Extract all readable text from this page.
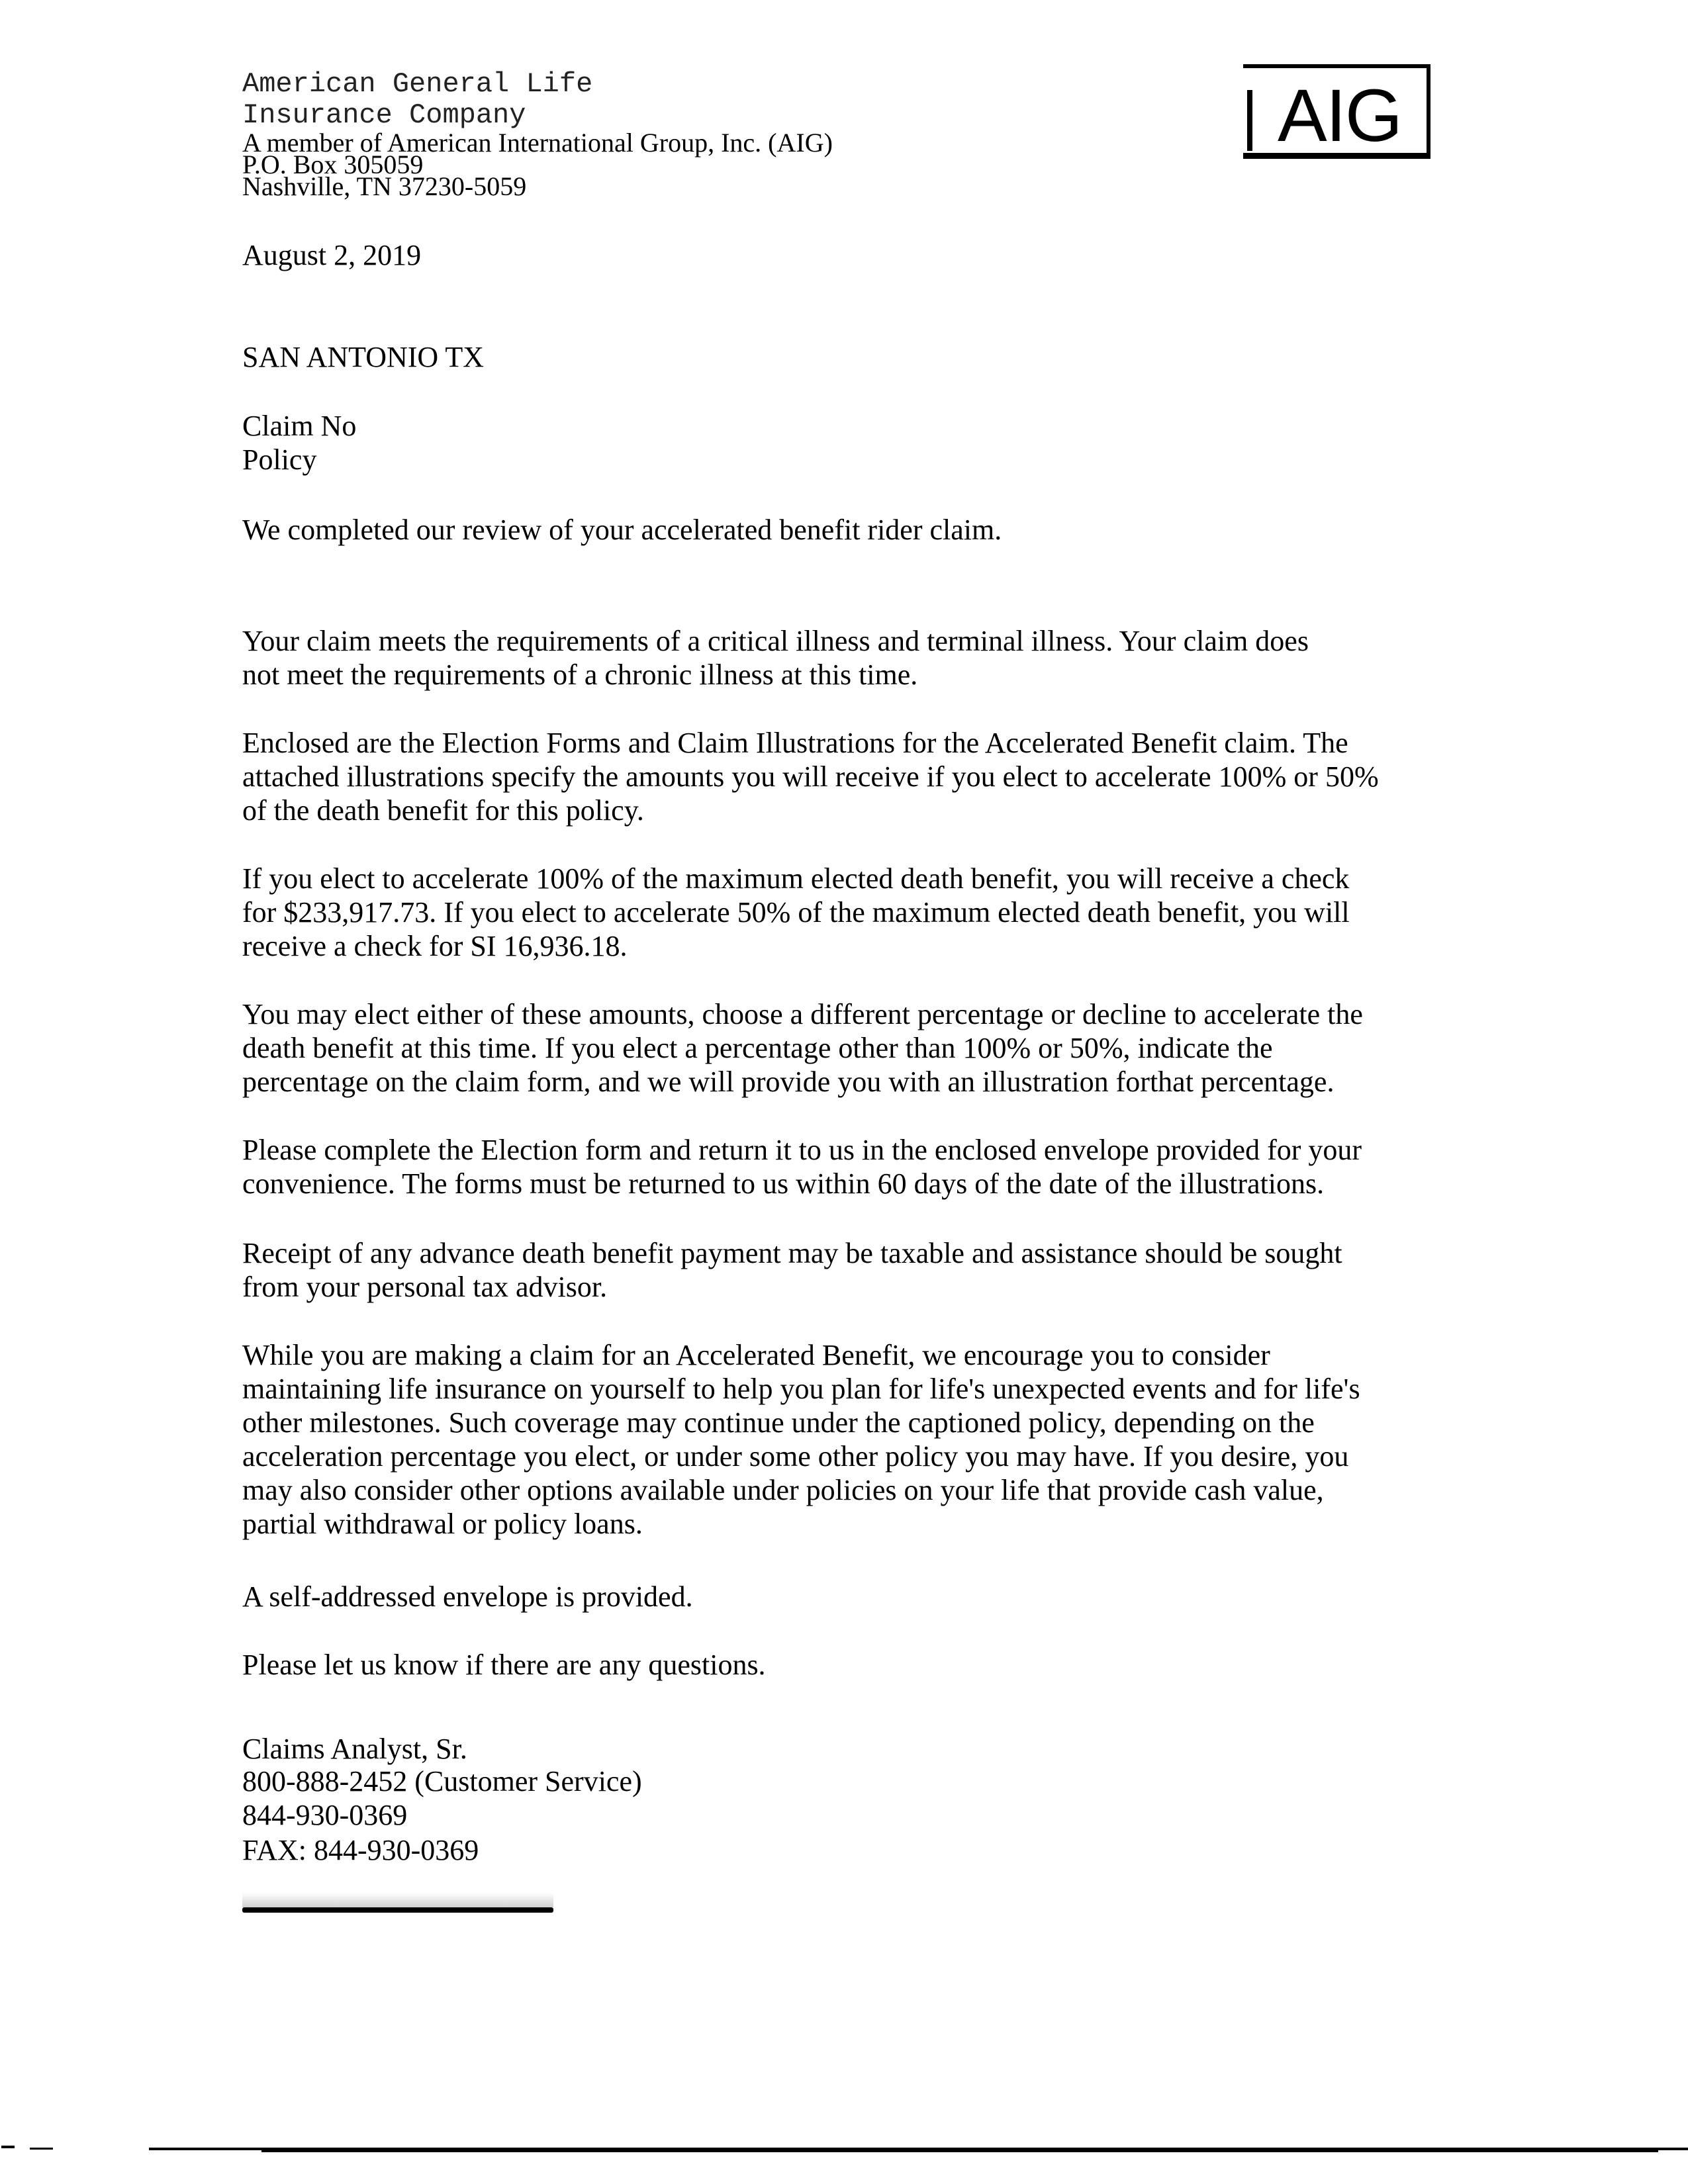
American General Life
Insurance Company
A member of American International Group, Inc. (AIG)
P.O. Box 305059
Nashville, TN 37230-5059
AIG
August 2, 2019
SAN ANTONIO TX
Claim No
Policy
We completed our review of your accelerated benefit rider claim.
Your claim meets the requirements of a critical illness and terminal illness. Your claim does
not meet the requirements of a chronic illness at this time.
Enclosed are the Election Forms and Claim Illustrations for the Accelerated Benefit claim. The
attached illustrations specify the amounts you will receive if you elect to accelerate 100% or 50%
of the death benefit for this policy.
If you elect to accelerate 100% of the maximum elected death benefit, you will receive a check
for $233,917.73. If you elect to accelerate 50% of the maximum elected death benefit, you will
receive a check for SI 16,936.18.
You may elect either of these amounts, choose a different percentage or decline to accelerate the
death benefit at this time. If you elect a percentage other than 100% or 50%, indicate the
percentage on the claim form, and we will provide you with an illustration forthat percentage.
Please complete the Election form and return it to us in the enclosed envelope provided for your
convenience. The forms must be returned to us within 60 days of the date of the illustrations.
Receipt of any advance death benefit payment may be taxable and assistance should be sought
from your personal tax advisor.
While you are making a claim for an Accelerated Benefit, we encourage you to consider
maintaining life insurance on yourself to help you plan for life's unexpected events and for life's
other milestones. Such coverage may continue under the captioned policy, depending on the
acceleration percentage you elect, or under some other policy you may have. If you desire, you
may also consider other options available under policies on your life that provide cash value,
partial withdrawal or policy loans.
A self-addressed envelope is provided.
Please let us know if there are any questions.
Claims Analyst, Sr.
800-888-2452 (Customer Service)
844-930-0369
FAX: 844-930-0369
